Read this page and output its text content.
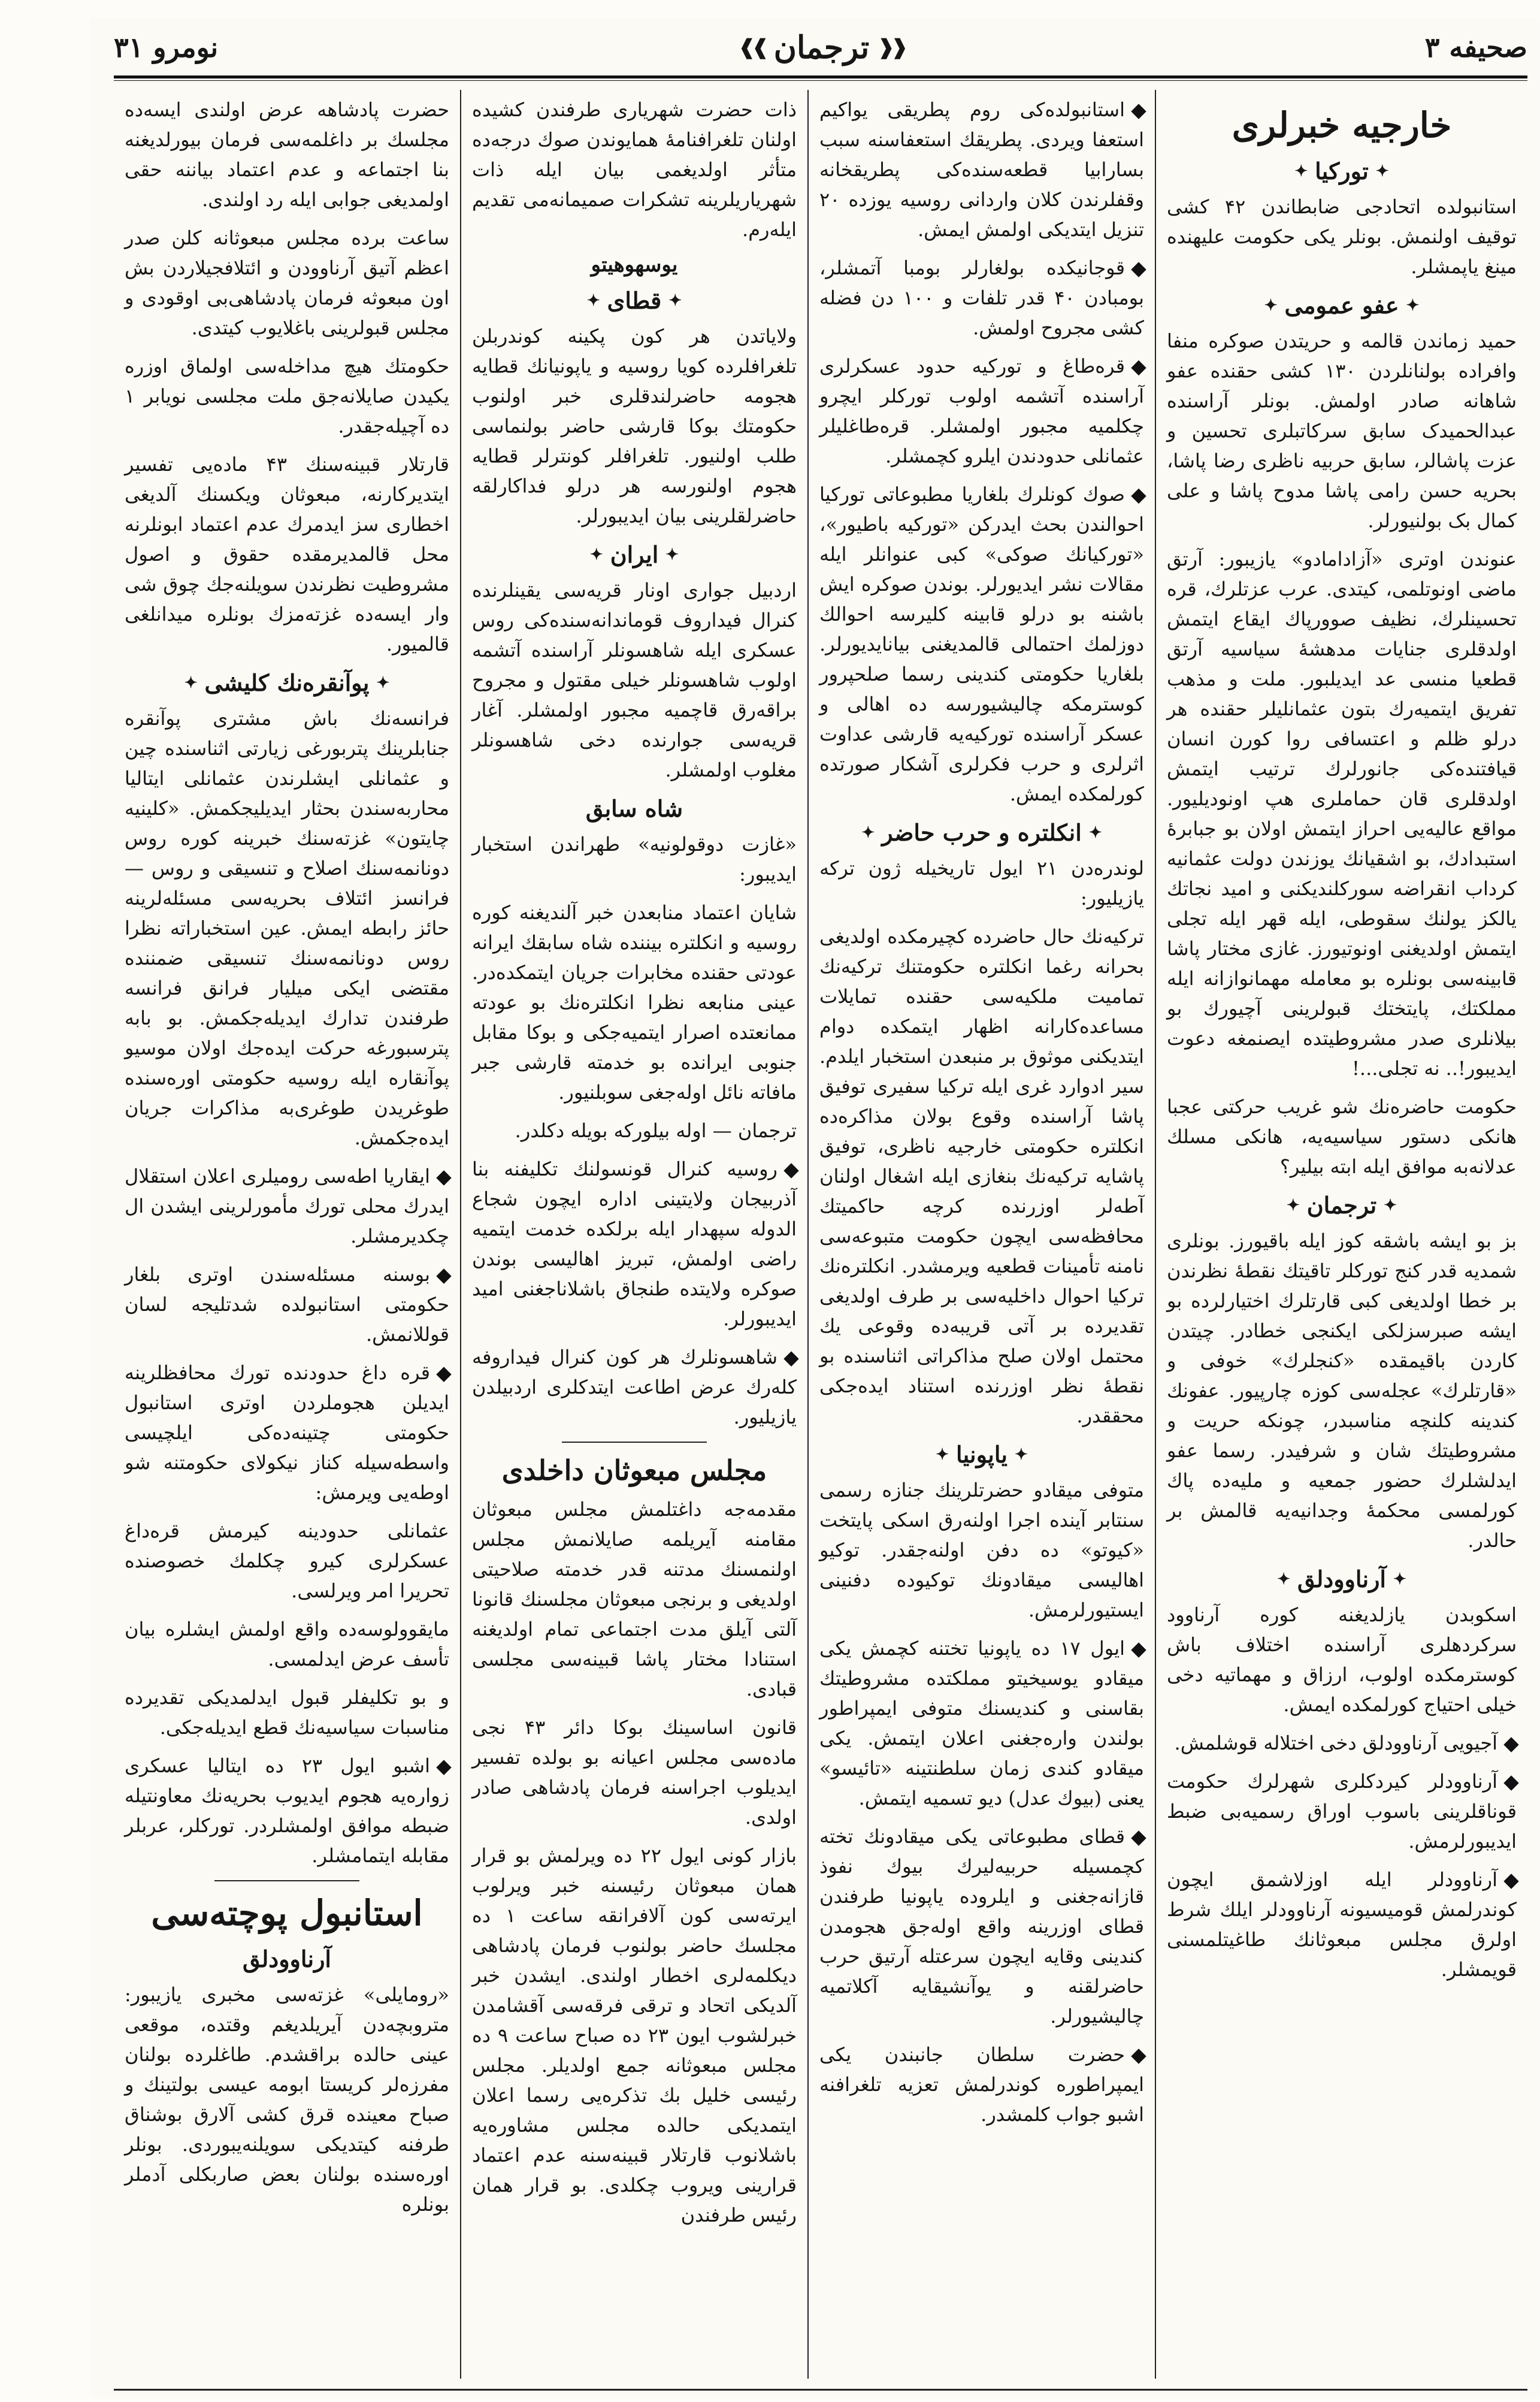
صحیفه ۳
❰❰
ترجمان
❱❱
نومرو ۳۱
خارجیه خبرلری
✦
توركیا
✦

استانبولده اتحادجی ضابطاندن ۴۲ کشی توقیف اولنمش. بونلر یکی حکومت علیهنده مینغ یاپمشلر.

✦
عفو عمومی
✦

حمید زماندن قالمه و حریتدن صوکره منفا وافراده بولنانلردن ۱۳۰ کشی حقنده عفو شاهانه صادر اولمش. بونلر آراسنده عبدالحمیدک سابق سرکاتبلری تحسین و عزت پاشالر، سابق حربیه ناظری رضا پاشا، بحریه حسن رامی پاشا مدوح پاشا و علی کمال بک بولنیورلر.

عنوندن اوتری «آزادامادو» یازیبور: آرتق ماضی اونوتلمی، کیتدی. عرب عزتلرك، قره تحسینلرك، نظیف صوورپاك ایقاع ایتمش اولدقلری جنایات مدهشهٔ سیاسیه آرتق قطعیا منسی عد ایدیلبور. ملت و مذهب تفریق ایتمیه‌رك بتون عثمانلیلر حقنده هر درلو ظلم و اعتسافی روا کورن انسان قیافتنده‌کی جانورلرك ترتیب ایتمش اولدقلری قان حماملری هپ اونودیلیور. مواقع عالیه‌یی احراز ایتمش اولان بو جبابرهٔ استبدادك، بو اشقیانك یوزندن دولت عثمانیه کرداب انقراضه سوركلندیکنی و امید نجاتك یالكز یولنك سقوطی، ایله قهر ایله تجلی ایتمش اولدیغنی اونوتیورز. غازی مختار پاشا قابینه‌سی بونلره بو معامله مهمانوازانه ایله مملكتك، پایتختك قبولرینی آچیورك بو بیلانلری صدر مشروطیتده ایصنمغه دعوت ایدیبور!.. نه تجلی...!

حکومت حاضره‌نك شو غریب حرکتی عجبا هانكی دستور سیاسیه‌یه، هانكی مسلك عدلانه‌به موافق ایله ابته بیلیر؟

✦
ترجمان
✦

بز بو ایشه باشقه کوز ایله باقیورز. بونلری شمدیه قدر کنج تورکلر تاقیتك نقطهٔ نظرندن بر خطا اولدیغی کبی قارتلرك اختیارلرده بو ایشه صبرسزلکی ایکنجی خطادر. چیتدن کاردن باقیمقده «کنجلرك» خوفی و «قارتلرك» عجله‌سی کوزه چارپیور. عفونك کندینه کلنچه مناسبدر، چونكه حریت و مشروطیتك شان و شرفیدر. رسما عفو ایدلشلرك حضور جمعیه و ملیه‌ده پاك کورلمسی محکمهٔ وجدانیه‌یه قالمش بر حالدر.

✦
آرناوودلق
✦

اسکوبدن یازلدیغنه کوره آرناوود سرکردهلری آراسنده اختلاف باش کوسترمکده اولوب، ارزاق و مهماتیه دخی خیلی احتیاج کورلمکده ایمش.

آجیویی آرناوودلق دخی اختلاله قوشلمش.

آرناوودلر کیردکلری شهرلرك حکومت قوناقلرینی باسوب اوراق رسمیه‌بی ضبط ایدیبورلرمش.

آرناوودلر ایله اوزلاشمق ایچون کوندرلمش قومیسیونه آرناوودلر ایلك شرط اولرق مجلس مبعوثانك طاغیتلمسنی قویمشلر.

استانبولده‌کی روم پطریقی یواکیم استعفا ویردی. پطریقك استعفاسنه سبب بسارابیا قطعه‌سنده‌کی پطریقخانه وقفلرندن کلان واردانی روسیه یوزده ۲۰ تنزیل ایتدیکی اولمش ایمش.

قوجانیکده بولغارلر بومبا آتمشلر، بومبادن ۴۰ قدر تلفات و ۱۰۰ دن فضله کشی مجروح اولمش.

قره‌طاغ و تورکیه حدود عسکرلری آراسنده آتشمه اولوب تورکلر ایچرو چکلمیه مجبور اولمشلر. قره‌طاغلیلر عثمانلی حدودندن ایلرو کچمشلر.

صوك کونلرك بلغاریا مطبوعاتی تورکیا احوالندن بحث ایدرکن «تورکیه باطیور»، «تورکیانك صوكی» کبی عنوانلر ایله مقالات نشر ایدیورلر. بوندن صوکره ایش باشنه بو درلو قابینه کلیرسه احوالك دوزلمك احتمالی قالمدیغنی بیانایدیورلر. بلغاریا حکومتی کندینی رسما صلحپرور کوسترمکه چالیشیورسه ده اهالی و عسکر آراسنده تورکیه‌یه قارشی عداوت اثرلری و حرب فکرلری آشکار صورتده کورلمکده ایمش.

✦
انکلتره و حرب حاضر
✦

لوندره‌دن ۲۱ ایول تاریخیله ژون ترکه یازیلیور:

ترکیه‌نك حال حاضرده کچیرمکده اولدیغی بحرانه رغما انکلتره حکومتنك ترکیه‌نك تمامیت ملکیه‌سی حقنده تمایلات مساعده‌کارانه اظهار ایتمکده دوام ایتدیکنی موثوق بر منبعدن استخبار ایلدم. سیر ادوارد غری ایله ترکیا سفیری توفیق پاشا آراسنده وقوع بولان مذاکره‌ده انکلتره حکومتی خارجیه ناظری، توفیق پاشایه ترکیه‌نك بنغازی ایله اشغال اولنان آطه‌لر اوزرنده کرچه حاکمیتك محافظه‌سی ایچون حکومت متبوعه‌سی نامنه تأمینات قطعیه ویرمشدر. انکلتره‌نك ترکیا احوال داخلیه‌سی بر طرف اولدیغی تقدیرده بر آتی قریبه‌ده وقوعی یك محتمل اولان صلح مذاکراتی اثناسنده بو نقطهٔ نظر اوزرنده استناد ایده‌جکی محققدر.

✦
یاپونیا
✦

متوفی میقادو حضرتلرینك جنازه رسمی سنتابر آینده اجرا اولنه‌رق اسکی پایتخت «کیوتو» ده دفن اولنه‌جقدر. توکیو اهالیسی میقادونك توکیوده دفنینی ایستیورلرمش.

ایول ۱۷ ده یاپونیا تختنه کچمش یکی میقادو یوسیخیتو مملکتده مشروطیتك بقاسنی و کندیسنك متوفی ایمپراطور بولندن وارەجغنی اعلان ایتمش. یکی میقادو کندی زمان سلطنتینه «تائیسو» یعنی (بیوك عدل) دیو تسمیه ایتمش.

قطای مطبوعاتی یکی میقادونك تخته کچمسیله حربیه‌لیرك بیوك نفوذ قازانه‌جغنی و ایلروده یاپونیا طرفندن قطای اوزرینه واقع اولە‌جق هجومدن کندینی وقایه ایچون سرعتله آرتیق حرب حاضرلقنه و یوآنشیقایه آکلاتمیه چالیشیورلر.

حضرت سلطان جانبندن یکی ایمپراطوره کوندرلمش تعزیه تلغرافنه اشبو جواب کلمشدر.

ذات حضرت شهریاری طرفندن کشیده اولنان تلغرافنامهٔ همایوندن صوك درجه‌ده متأثر اولدیغمی بیان ایله ذات شهریاریلرینه تشکرات صمیمانه‌می تقدیم ایلەرم.

یوسهوهیتو
✦
قطای
✦

ولایاتدن هر کون پکینه کوندربلن تلغرافلرده کویا روسیه و یاپونیانك قطایه هجومه حاضرلندقلری خبر اولنوب حکومتك بوکا قارشی حاضر بولنماسی طلب اولنیور. تلغرافلر کونترلر قطایه هجوم اولنورسه هر درلو فداکارلقه حاضرلقلرینی بیان ایدیبورلر.

✦
ایران
✦

اردبیل جواری اونار قریه‌سی یقینلرنده کنرال فیداروف قوماندانه‌سنده‌کی روس عسکری ایله شاهسونلر آراسنده آتشمه اولوب شاهسونلر خیلی مقتول و مجروح براقه‌رق قاچمیه مجبور اولمشلر. آغار قریه‌سی جوارنده دخی شاهسونلر مغلوب اولمشلر.

شاه سابق

«غازت دوقولونیه» طهراندن استخبار ایدیبور:

شایان اعتماد منابعدن خبر آلندیغنه کوره روسیه و انکلتره بیننده شاه سابقك ایرانه عودتی حقنده مخابرات جریان ایتمکده‌در. عینی منابعه نظرا انکلتره‌نك بو عودته ممانعتده اصرار ایتمیه‌جکی و بوکا مقابل جنوبی ایرانده بو خدمته قارشی جبر مافاته نائل اولەجغی سوبلنیور.

ترجمان — اوله بیلورکه بویله دکلدر.

روسیه کنرال قونسولنك تکلیفنه بنا آذربیجان ولایتینی اداره ایچون شجاع الدوله سپهدار ایله برلکده خدمت ایتمیه راضی اولمش، تبریز اهالیسی بوندن صوکره ولایتده طنجاق باشلاناجغنی امید ایدیبورلر.

شاهسونلرك هر کون کنرال فیداروفه کلەرك عرض اطاعت ایتدکلری اردبیلدن یازیلیور.

مجلس مبعوثان داخلدی

مقدمه‌جه داغتلمش مجلس مبعوثان مقامنه آیریلمه صایلانمش مجلس اولنمسنك مدتنه قدر خدمته صلاحیتی اولدیغی و برنجی مبعوثان مجلسنك قانونا آلتی آیلق مدت اجتماعی تمام اولدیغنه استنادا مختار پاشا قبینه‌سی مجلسی قبادی.

قانون اساسینك بوکا دائر ۴۳ نجی ماده‌سی مجلس اعیانه بو بولده تفسیر ایدیلوب اجراسنه فرمان پادشاهی صادر اولدی.

بازار کونی ایول ۲۲ ده ویرلمش بو قرار همان مبعوثان رئیسنه خبر ویرلوب ایرته‌سی کون آلافرانقه ساعت ۱ ده مجلسك حاضر بولنوب فرمان پادشاهی دیکلمه‌لری اخطار اولندی. ایشدن خبر آلدیکی اتحاد و ترقی فرقه‌سی آقشامدن خبرلشوب ایون ۲۳ ده صباح ساعت ۹ ده مجلس مبعوثانه جمع اولدیلر. مجلس رئیسی خلیل بك تذکره‌یی رسما اعلان ایتمدیکی حالده مجلس مشاوره‌یه باشلانوب قارتلار قبینه‌سنه عدم اعتماد قرارینی ویروب چکلدی. بو قرار همان رئیس طرفندن

حضرت پادشاهه عرض اولندی ایسه‌ده مجلسك بر داغلمه‌سی فرمان بیورلدیغنه بنا اجتماعه و عدم اعتماد بیاننه حقی اولمدیغی جوابی ایله رد اولندی.

ساعت برده مجلس مبعوثانه کلن صدر اعظم آتیق آرناوودن و ائتلافجیلاردن بش اون مبعوثه فرمان پادشاهی‌بی اوقودی و مجلس قبولرینی باغلایوب کیتدی.

حکومتك هیچ مداخله‌سی اولماق اوزره یکیدن صایلانەجق ملت مجلسی نویابر ۱ ده آچیله‌جقدر.

قارتلار قبینه‌سنك ۴۳ ماده‌یی تفسیر ایتدیرکارنه، مبعوثان ویکسنك آلدیغی اخطاری سز ایدمرك عدم اعتماد ابونلرنه محل قالمدیرمقده حقوق و اصول مشروطیت نظرندن سویلنه‌جك چوق شی وار ایسه‌ده غزته‌مزك بونلره میدانلغی قالمیور.

✦
پوآنقره‌نك کلیشی
✦

فرانسه‌نك باش مشتری پوآنقره جنابلرینك پتربورغی زیارتی اثناسنده چین و عثمانلی ایشلرندن عثمانلی ایتالیا محاربه‌سندن بحثار ایدیلیجکمش. «کلینیه چایتون» غزته‌سنك خبرینه کوره روس دونانمه‌سنك اصلاح و تنسیقی و روس — فرانسز ائتلاف بحریه‌سی مسئله‌لرینه حائز رابطه ایمش. عین استخباراته نظرا روس دونانمه‌سنك تنسیقی ضمننده مقتضی ایکی میلیار فرانق فرانسه طرفندن تدارك ایدیله‌جکمش. بو بابه پترسبورغه حرکت ایده‌جك اولان موسیو پوآنقاره ایله روسیه حکومتی اورەسنده طوغریدن طوغری‌به مذاکرات جریان ایده‌جکمش.

ایقاریا اطه‌سی رومیلری اعلان استقلال ایدرك محلی تورك مأمورلرینی ایشدن ال چکدیرمشلر.

بوسنه مسئله‌سندن اوتری بلغار حکومتی استانبولده شدتلیجه لسان قوللانمش.

قره داغ حدودنده تورك محافظلرینه ایدیلن هجوملردن اوتری استانبول حکومتی چتینه‌ده‌کی ایلچیسی واسطه‌سیله کناز نیکولای حکومتنه شو اوطه‌یی ویرمش:

عثمانلی حدودینه کیرمش قره‌داغ عسکرلری کیرو چکلمك خصوصنده تحریرا امر ویرلسی.

مایقوولوسه‌ده واقع اولمش ایشلره بیان تأسف عرض ایدلمسی.

و بو تکلیفلر قبول ایدلمدیکی تقدیرده مناسبات سیاسیه‌نك قطع ایدیله‌جکی.

اشبو ایول ۲۳ ده ایتالیا عسکری زواره‌یه هجوم ایدیوب بحریه‌نك معاونتیله ضبطه موافق اولمشلردر. تورکلر، عربلر مقابله ایتمامشلر.

استانبول پوچته‌سی
آرناوودلق

«رومایلی» غزته‌سی مخبری یازیبور: متروبچه‌دن آیریلدیغم وقتده، موقعی عینی حالده براقشدم. طاغلرده بولنان مفرزه‌لر کریستا ابومه عیسی بولتینك و صباح معینده قرق کشی آلارق بوشناق طرفنه کیتدیکی سویلنه‌یبوردی. بونلر اورەسنده بولنان بعض صاربکلی آدملر بونلره
